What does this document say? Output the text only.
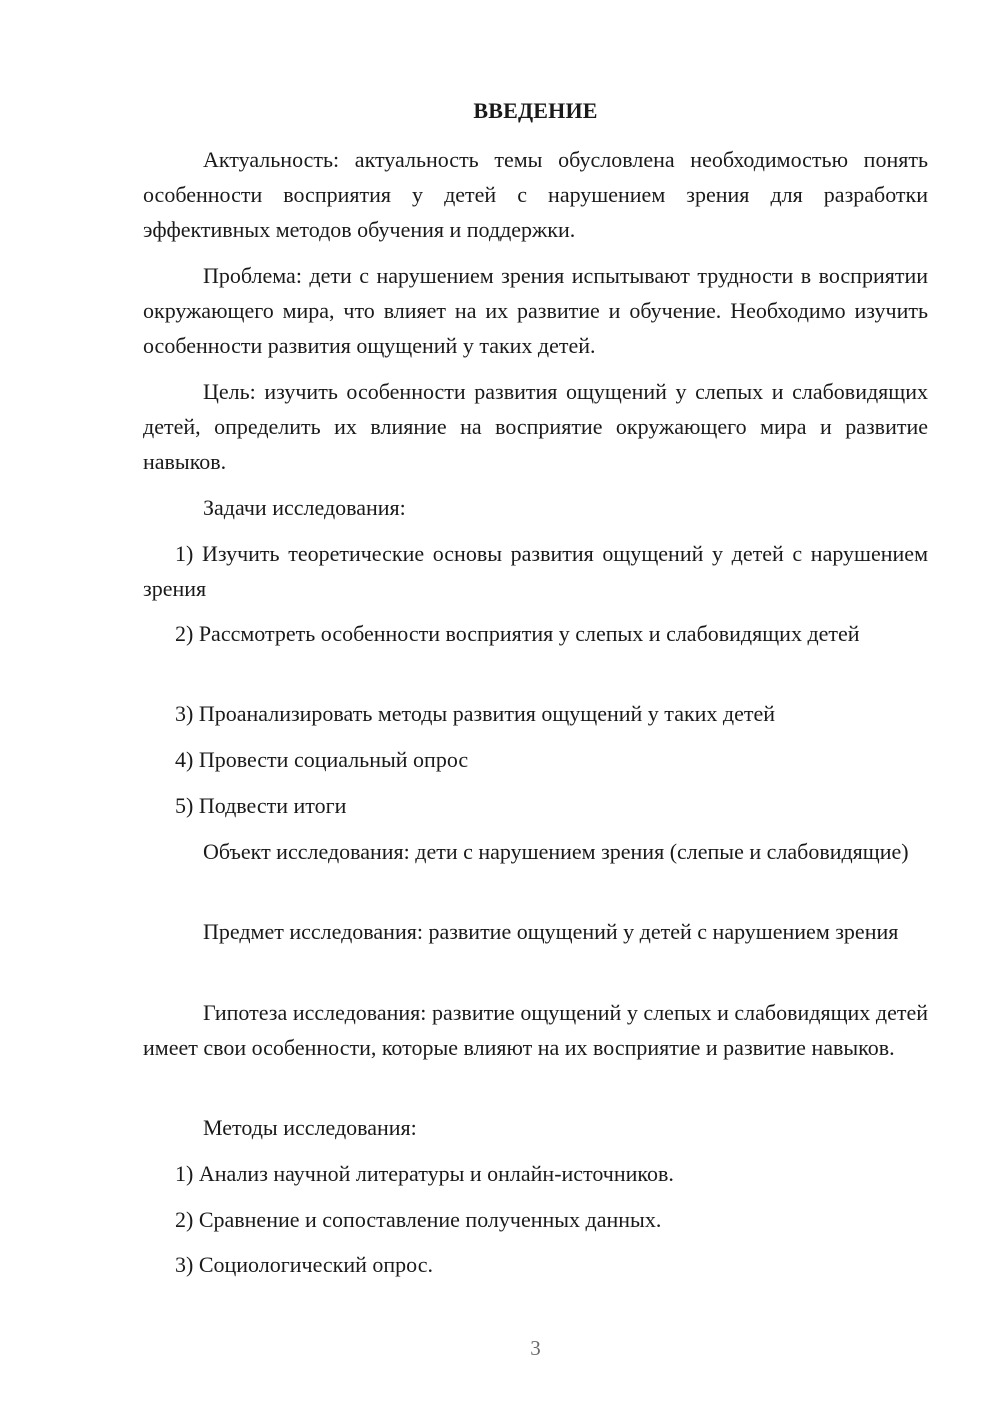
ВВЕДЕНИЕ

Актуальность: актуальность темы обусловлена необходимостью понять особенности восприятия у детей с нарушением зрения для разработки эффективных методов обучения и поддержки.

Проблема: дети с нарушением зрения испытывают трудности в восприятии окружающего мира, что влияет на их развитие и обучение. Необходимо изучить особенности развития ощущений у таких детей.

Цель: изучить особенности развития ощущений у слепых и слабовидящих детей, определить их влияние на восприятие окружающего мира и развитие навыков.

Задачи исследования:

1) Изучить теоретические основы развития ощущений у детей с нарушением зрения

2) Рассмотреть особенности восприятия у слепых и слабовидящих детей

3) Проанализировать методы развития ощущений у таких детей

4) Провести социальный опрос

5) Подвести итоги

Объект исследования: дети с нарушением зрения (слепые и слабовидящие)

Предмет исследования: развитие ощущений у детей с нарушением зрения

Гипотеза исследования: развитие ощущений у слепых и слабовидящих детей имеет свои особенности, которые влияют на их восприятие и развитие навыков.

Методы исследования:

1) Анализ научной литературы и онлайн-источников.

2) Сравнение и сопоставление полученных данных.

3) Социологический опрос.

3
